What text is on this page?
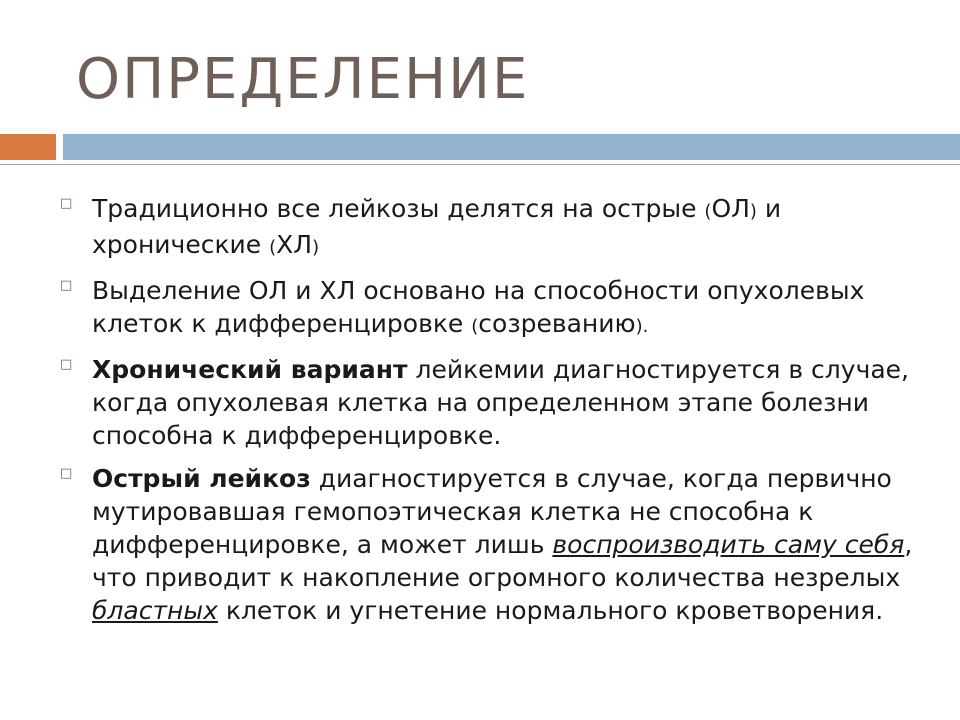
ОПРЕДЕЛЕНИЕ
□ Традиционно все лейкозы делятся на острые (ОЛ) и хронические (ХЛ)
□ Выделение ОЛ и ХЛ основано на способности опухолевых клеток к дифференцировке (созреванию).
□ Хронический вариант лейкемии диагностируется в случае, когда опухолевая клетка на определенном этапе болезни способна к дифференцировке.
□ Острый лейкоз диагностируется в случае, когда первично мутировавшая гемопоэтическая клетка не способна к дифференцировке, а может лишь воспроизводить саму себя, что приводит к накопление огромного количества незрелых бластных клеток и угнетение нормального кроветворения.
